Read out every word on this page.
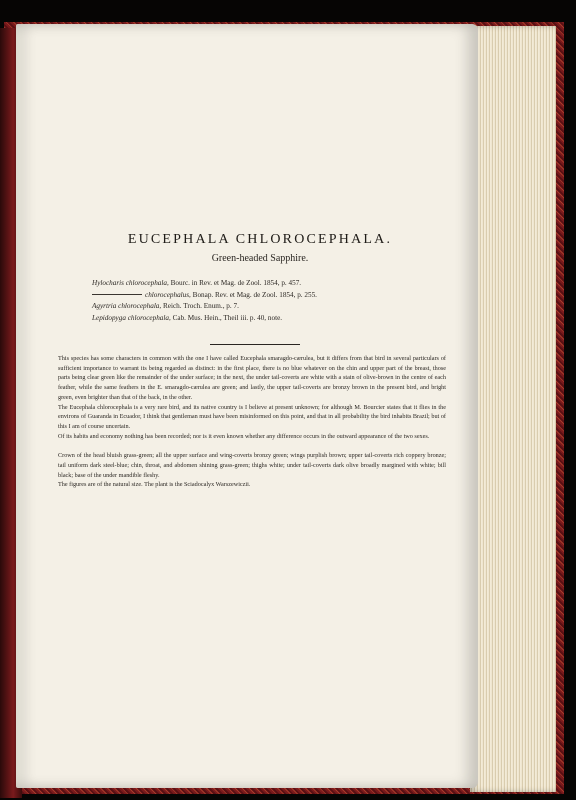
EUCEPHALA CHLOROCEPHALA.
Green-headed Sapphire.
Hylocharis chlorocephala, Bourc. in Rev. et Mag. de Zool. 1854, p. 457.
chlorocephalus, Bonap. Rev. et Mag. de Zool. 1854, p. 255.
Agyrtria chlorocephala, Reich. Troch. Enum., p. 7.
Lepidopyga chlorocephala, Cab. Mus. Hein., Theil iii. p. 40, note.

This species has some characters in common with the one I have called Eucephala smaragdo-cærulea, but it differs from that bird in several particulars of sufficient importance to warrant its being regarded as distinct: in the first place, there is no blue whatever on the chin and upper part of the breast, those parts being clear green like the remainder of the under surface; in the next, the under tail-coverts are white with a stain of olive-brown in the centre of each feather, while the same feathers in the E. smaragdo-cærulea are green; and lastly, the upper tail-coverts are bronzy brown in the present bird, and bright green, even brighter than that of the back, in the other.

The Eucephala chlorocephala is a very rare bird, and its native country is I believe at present unknown; for although M. Bourcier states that it flies in the environs of Guaranda in Ecuador, I think that gentleman must have been misinformed on this point, and that in all probability the bird inhabits Brazil; but of this I am of course uncertain.

Of its habits and economy nothing has been recorded; nor is it even known whether any difference occurs in the outward appearance of the two sexes.

Crown of the head bluish grass-green; all the upper surface and wing-coverts bronzy green; wings purplish brown; upper tail-coverts rich coppery bronze; tail uniform dark steel-blue; chin, throat, and abdomen shining grass-green; thighs white; under tail-coverts dark olive broadly margined with white; bill black; base of the under mandible fleshy.

The figures are of the natural size. The plant is the Sciadocalyx Warszewiczii.
